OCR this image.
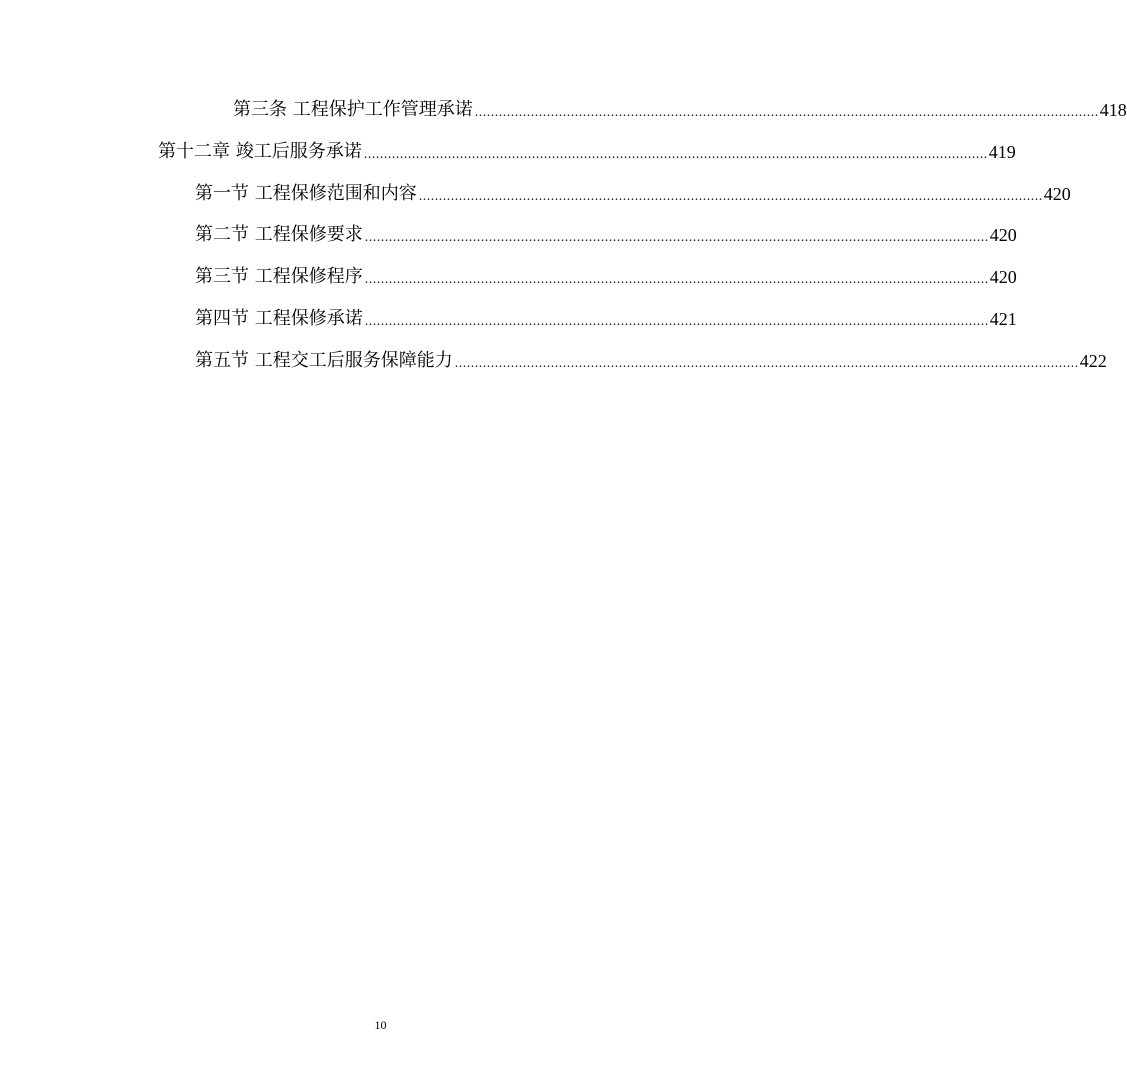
第三条 工程保护工作管理承诺 ............................................................................................................................................................ 418
第十二章 竣工后服务承诺 ............................................................................................................................................................ 419
第一节 工程保修范围和内容 ............................................................................................................................................................ 420
第二节 工程保修要求 ............................................................................................................................................................ 420
第三节 工程保修程序 ............................................................................................................................................................ 420
第四节 工程保修承诺 ............................................................................................................................................................ 421
第五节 工程交工后服务保障能力 ............................................................................................................................................................ 422
10
